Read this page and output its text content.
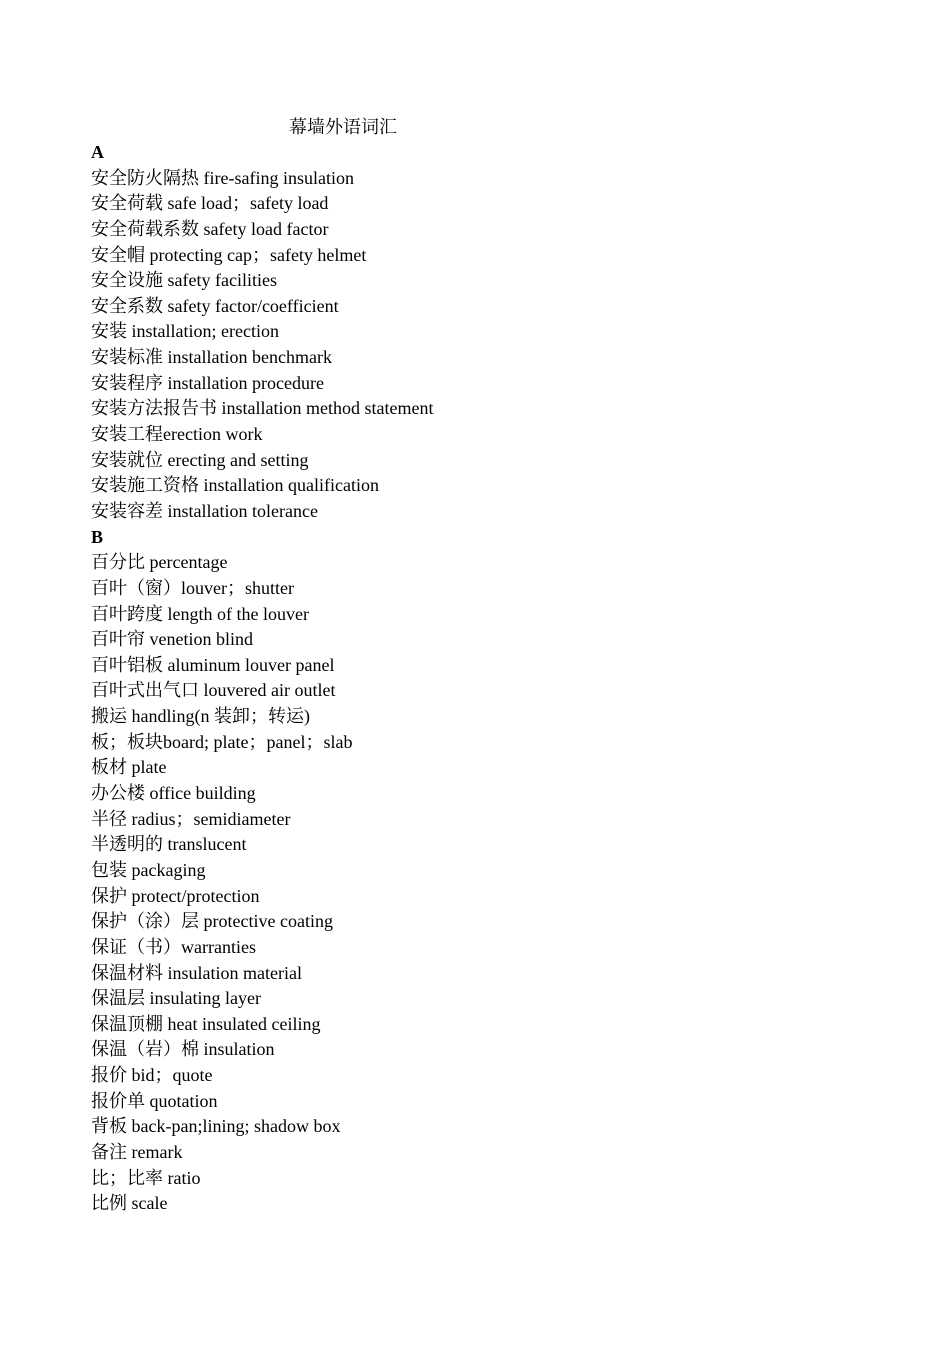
幕墙外语词汇
A
安全防火隔热 fire-safing insulation
安全荷载 safe load；safety load
安全荷载系数 safety load factor
安全帽 protecting cap；safety helmet
安全设施 safety facilities
安全系数 safety factor/coefficient
安装 installation; erection
安装标准 installation benchmark
安装程序 installation procedure
安装方法报告书 installation method statement
安装工程erection work
安装就位 erecting and setting
安装施工资格 installation qualification
安装容差 installation tolerance
B
百分比 percentage
百叶（窗）louver；shutter
百叶跨度 length of the louver
百叶帘 venetion blind
百叶铝板 aluminum louver panel
百叶式出气口 louvered air outlet
搬运 handling(n 装卸；转运)
板；板块board; plate；panel；slab
板材 plate
办公楼 office building
半径 radius；semidiameter
半透明的 translucent
包装 packaging
保护 protect/protection
保护（涂）层 protective coating
保证（书）warranties
保温材料 insulation material
保温层 insulating layer
保温顶棚 heat insulated ceiling
保温（岩）棉 insulation
报价 bid；quote
报价单 quotation
背板 back-pan;lining; shadow box
备注 remark
比；比率 ratio
比例 scale
